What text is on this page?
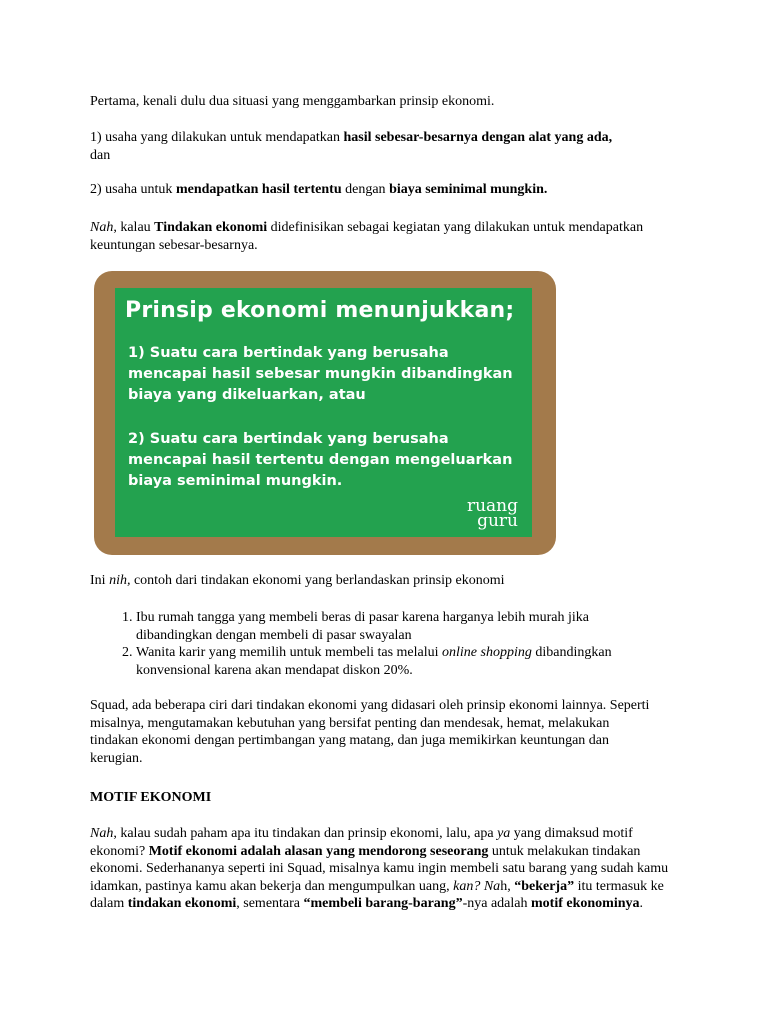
Pertama, kenali dulu dua situasi yang menggambarkan prinsip ekonomi.

1) usaha yang dilakukan untuk mendapatkan hasil sebesar-besarnya dengan alat yang ada,
dan

2) usaha untuk mendapatkan hasil tertentu dengan biaya seminimal mungkin.

Nah, kalau Tindakan ekonomi didefinisikan sebagai kegiatan yang dilakukan untuk mendapatkan keuntungan sebesar-besarnya.

Prinsip ekonomi menunjukkan;
1) Suatu cara bertindak yang berusaha mencapai hasil sebesar mungkin dibandingkan biaya yang dikeluarkan, atau
2) Suatu cara bertindak yang berusaha mencapai hasil tertentu dengan mengeluarkan biaya seminimal mungkin.
ruang
guru

Ini nih, contoh dari tindakan ekonomi yang berlandaskan prinsip ekonomi

1. Ibu rumah tangga yang membeli beras di pasar karena harganya lebih murah jika dibandingkan dengan membeli di pasar swayalan
2. Wanita karir yang memilih untuk membeli tas melalui online shopping dibandingkan konvensional karena akan mendapat diskon 20%.

Squad, ada beberapa ciri dari tindakan ekonomi yang didasari oleh prinsip ekonomi lainnya. Seperti misalnya, mengutamakan kebutuhan yang bersifat penting dan mendesak, hemat, melakukan tindakan ekonomi dengan pertimbangan yang matang, dan juga memikirkan keuntungan dan kerugian.

MOTIF EKONOMI

Nah, kalau sudah paham apa itu tindakan dan prinsip ekonomi, lalu, apa ya yang dimaksud motif ekonomi? Motif ekonomi adalah alasan yang mendorong seseorang untuk melakukan tindakan ekonomi. Sederhananya seperti ini Squad, misalnya kamu ingin membeli satu barang yang sudah kamu idamkan, pastinya kamu akan bekerja dan mengumpulkan uang, kan? Nah, “bekerja” itu termasuk ke dalam tindakan ekonomi, sementara “membeli barang-barang”-nya adalah motif ekonominya.
